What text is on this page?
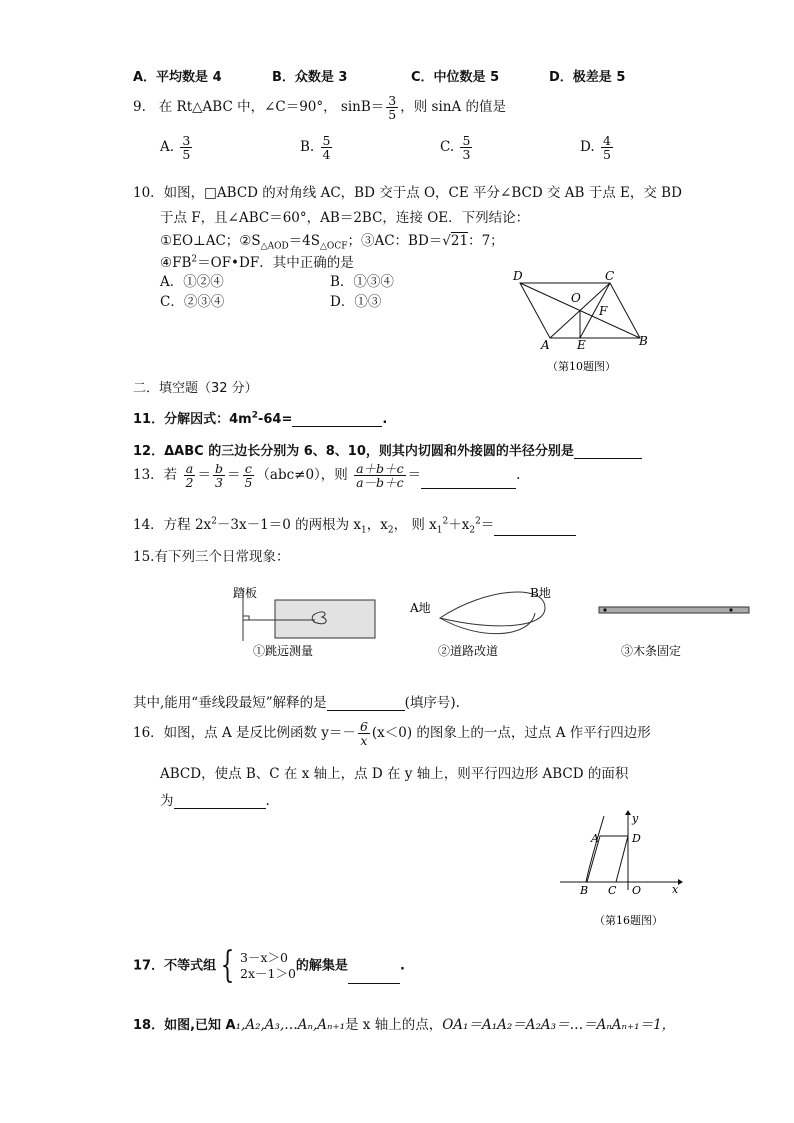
A．平均数是 4	B．众数是 3	C．中位数是 5	D．极差是 5
9. 在 Rt△ABC 中，∠C＝90°， $\sin B= \frac{3}{5}$ ，则 sinA 的值是
A. $\frac{3}{5}$	B. $\frac{5}{4}$	C. $\frac{5}{3}$	D. $\frac{4}{5}$
10．如图，□ABCD 的对角线 AC，BD 交于点 O，CE 平分∠BCD 交 AB 于点 E，交 BD
于点 F，且∠ABC＝60°，AB＝2BC，连接 OE．下列结论：
①EO⊥AC；$②S_{\triangle AOD}=4S_{\triangle OCF}$；③AC：BD＝√21：7；
$④FB^2=OF•DF$．其中正确的是
A．①②④	B．①③④
C．②③④	D．①③
D	C
O
F
A E	B
（第10题图）
二．填空题（32 分）
11．分解因式：$4m^2-64=$	.
12．ΔABC 的三边长分别为 6、8、10，则其内切圆和外接圆的半径分别是
13．若 $\frac{a}{2} = \frac{b}{3} = \frac{c}{5} (abc\ne 0)$，则 $\frac{a+b+c}{a-b+c}$ ＝	.
14．方程 $2x^2-3x-1=0$ 的两根为 $x_1$，$x_2$， 则 $x_1^2+x_2^2=$
15.有下列三个日常现象：
踏板
①跳远测量
A地
B地
②道路改道	③木条固定
其中,能用“垂线段最短”解释的是	(填序号).
16．如图，点 A 是反比例函数 $y=- \frac{6}{x} (x<0)$ 的图象上的一点，过点 A 作平行四边形
ABCD，使点 B、C 在 x 轴上，点 D 在 y 轴上，则平行四边形 ABCD 的面积
为	.
y
x
A	D
B C O
（第16题图）
17．不等式组 { 3－x＞0
2x－1＞0 的解集是	.
18．如图,已知 A₁,A₂,A₃,…Aₙ,Aₙ₊₁是 x 轴上的点，OA₁＝A₁A₂＝A₂A₃＝…＝AₙAₙ₊₁＝1，
